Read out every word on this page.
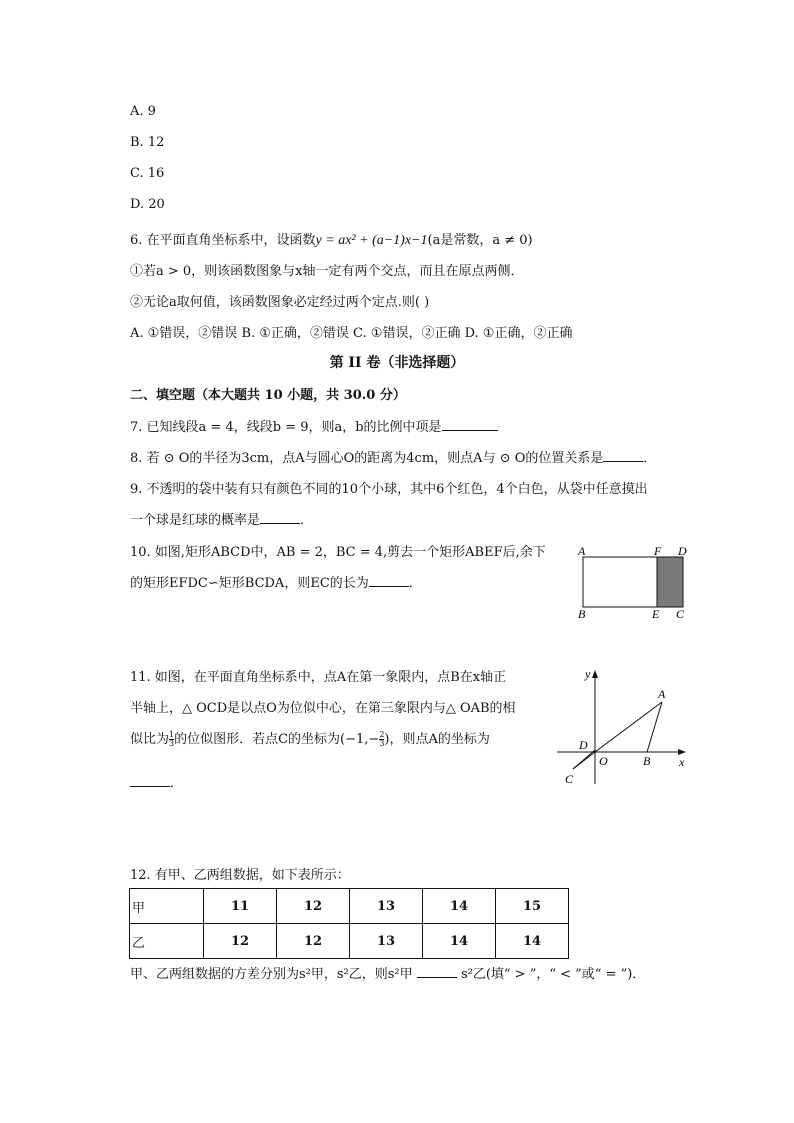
A. 9
B. 12
C. 16
D. 20
6. 在平面直角坐标系中，设函数y = ax² + (a−1)x−1(a是常数，a ≠ 0)
①若a > 0，则该函数图象与x轴一定有两个交点，而且在原点两侧．
②无论a取何值，该函数图象必定经过两个定点.则( )
A. ①错误，②错误 B. ①正确，②错误 C. ①错误，②正确 D. ①正确，②正确
第 II 卷（非选择题）
二、填空题（本大题共 10 小题，共 30.0 分）
7. 已知线段a = 4，线段b = 9，则a，b的比例中项是
8. 若 ⊙ O的半径为3cm，点A与圆心O的距离为4cm，则点A与 ⊙ O的位置关系是	．
9. 不透明的袋中装有只有颜色不同的10个小球，其中6个红色，4个白色，从袋中任意摸出
一个球是红球的概率是	．
10. 如图,矩形ABCD中，AB = 2，BC = 4,剪去一个矩形ABEF后,余下
的矩形EFDC∽矩形BCDA，则EC的长为	．
A	F D
B	E C
11. 如图，在平面直角坐标系中，点A在第一象限内，点B在x轴正
半轴上，△ OCD是以点O为位似中心，在第三象限内与△ OAB的相
似比为 $\frac{1}{3}$ 的位似图形．若点C的坐标为($-1,- \frac{2}{3}$ )，则点A的坐标为
．
y
A
D
O	B x
C
12. 有甲、乙两组数据，如下表所示：
甲	11	12	13	14	15
乙	12	12	13	14	14
甲、乙两组数据的方差分别为s²甲，s²乙，则s²甲	s²乙(填“ > ”，“ < ”或“ = ”)．
